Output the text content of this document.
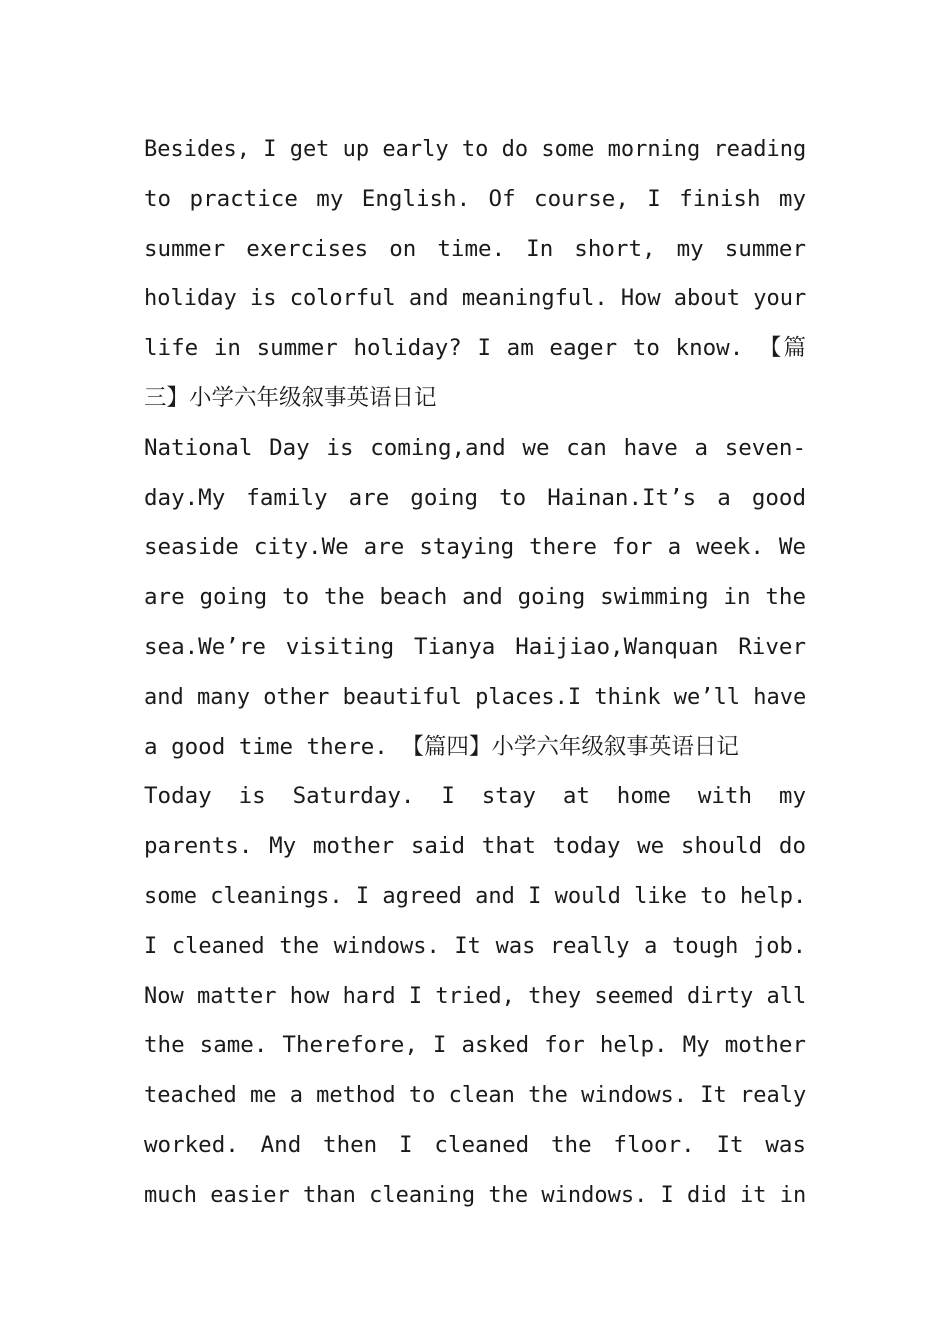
Besides, I get up early to do some morning reading
to practice my English. Of course, I finish my
summer exercises on time. In short, my summer
holiday is colorful and meaningful. How about your
life in summer holiday? I am eager to know. 【篇
三】小学六年级叙事英语日记
National Day is coming,and we can have a seven-
day.My family are going to Hainan.It’s a good
seaside city.We are staying there for a week. We
are going to the beach and going swimming in the
sea.We’re visiting Tianya Haijiao,Wanquan River
and many other beautiful places.I think we’ll have
a good time there. 【篇四】小学六年级叙事英语日记
Today is Saturday. I stay at home with my
parents. My mother said that today we should do
some cleanings. I agreed and I would like to help.
I cleaned the windows. It was really a tough job.
Now matter how hard I tried, they seemed dirty all
the same. Therefore, I asked for help. My mother
teached me a method to clean the windows. It realy
worked. And then I cleaned the floor. It was
much easier than cleaning the windows. I did it in
